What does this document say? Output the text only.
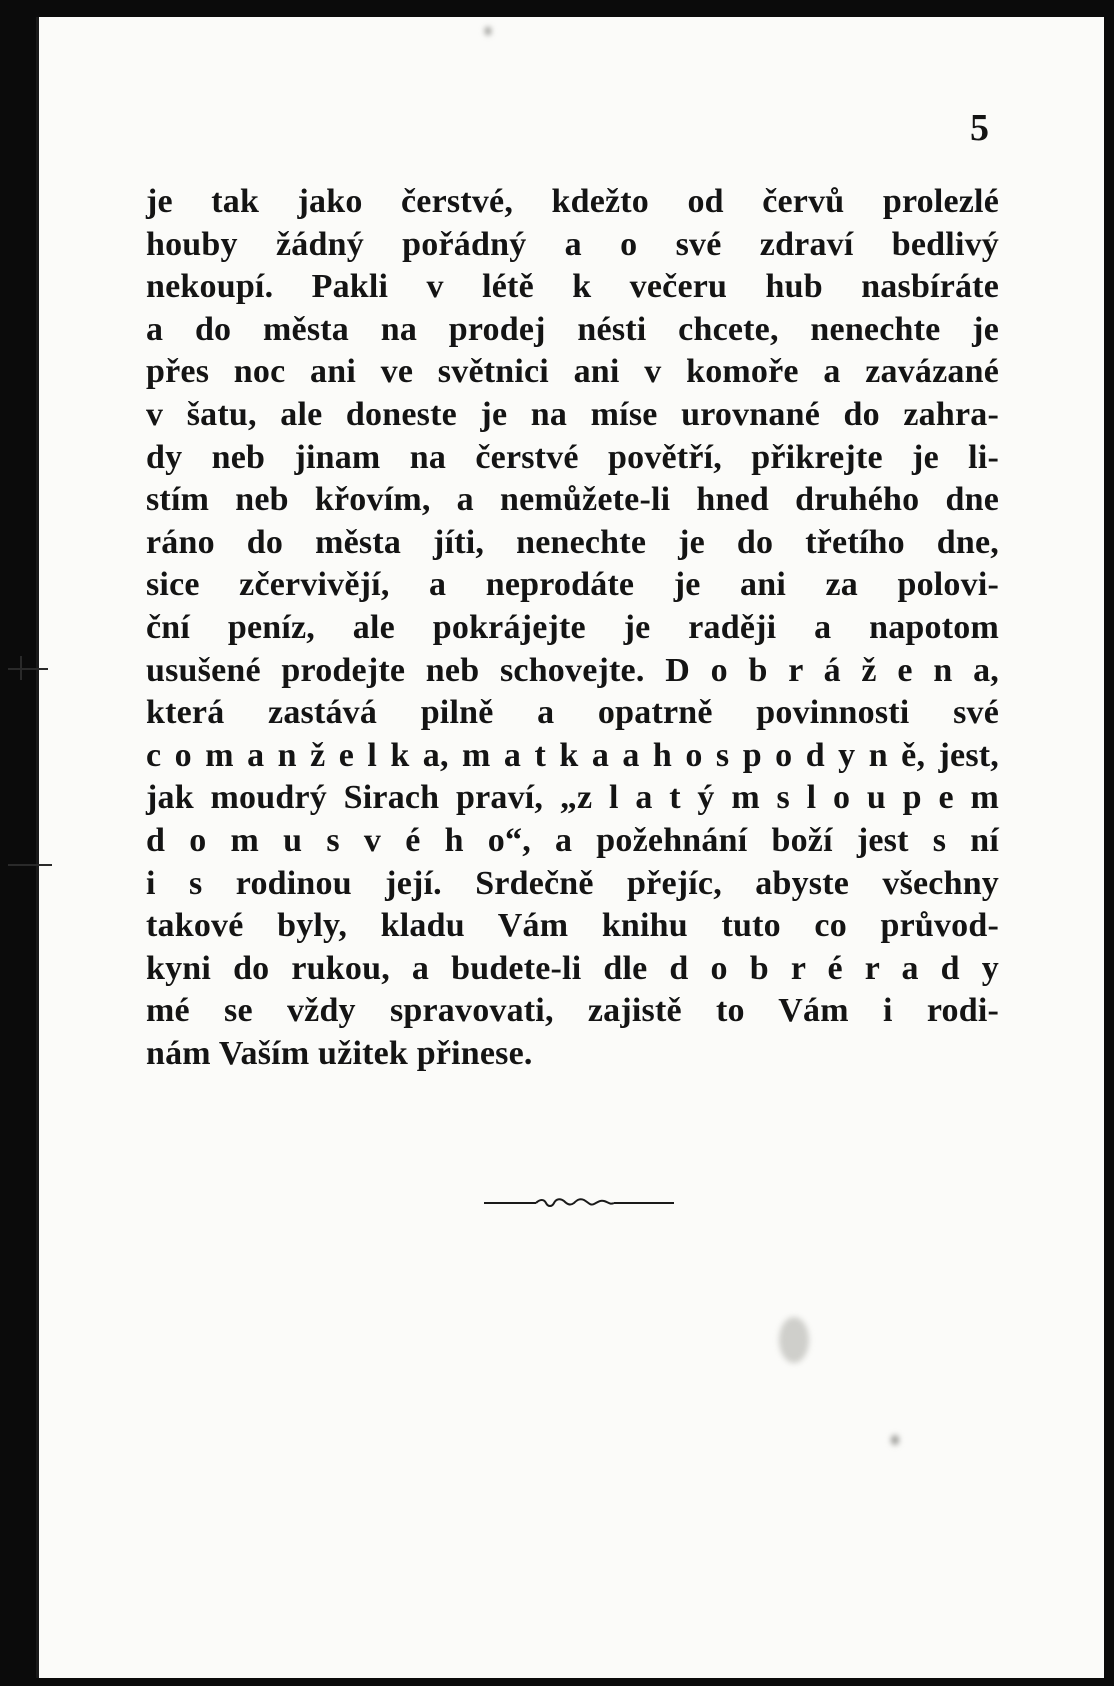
5
je tak jako čerstvé, kdežto od červů prolezlé
houby žádný pořádný a o své zdraví bedlivý
nekoupí. Pakli v létě k večeru hub nasbíráte
a do města na prodej nésti chcete, nenechte je
přes noc ani ve světnici ani v komoře a zavázané
v šatu, ale doneste je na míse urovnané do zahra-
dy neb jinam na čerstvé povětří, přikrejte je li-
stím neb křovím, a nemůžete-li hned druhého dne
ráno do města jíti, nenechte je do třetího dne,
sice zčervivějí, a neprodáte je ani za polovi-
ční peníz, ale pokrájejte je raději a napotom
usušené prodejte neb schovejte. D o b r á ž e n a,
která zastává pilně a opatrně povinnosti své
c o m a n ž e l k a, m a t k a a h o s p o d y n ě, jest,
jak moudrý Sirach praví, „z l a t ý m s l o u p e m
d o m u s v é h o“, a požehnání boží jest s ní
i s rodinou její. Srdečně přejíc, abyste všechny
takové byly, kladu Vám knihu tuto co průvod-
kyni do rukou, a budete-li dle d o b r é r a d y
mé se vždy spravovati, zajistě to Vám i rodi-
nám Vaším užitek přinese.
